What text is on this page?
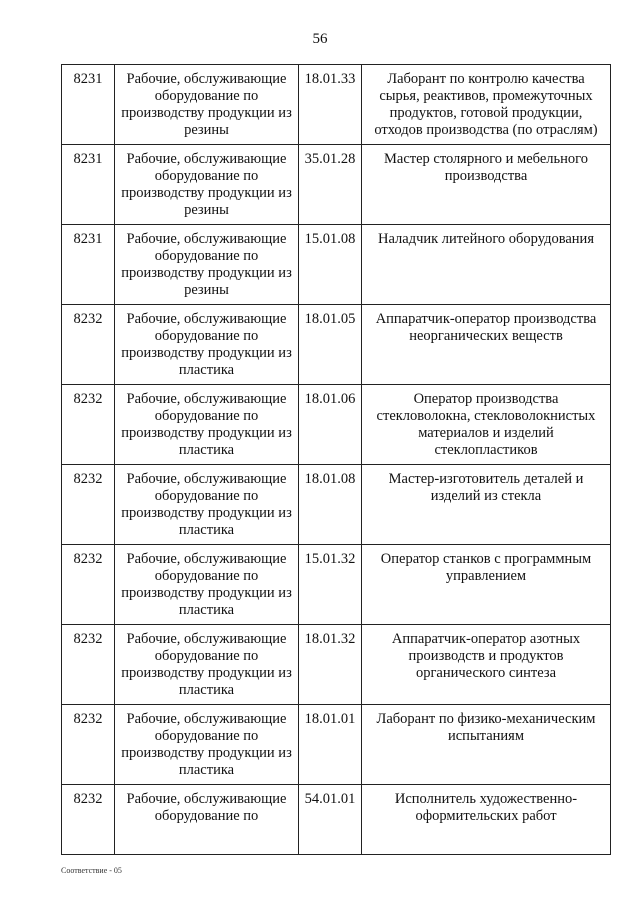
56
8231	Рабочие, обслуживающие оборудование по производству продукции из резины	18.01.33	Лаборант по контролю качества сырья, реактивов, промежуточных продуктов, готовой продукции, отходов производства (по отраслям)
8231	Рабочие, обслуживающие оборудование по производству продукции из резины	35.01.28	Мастер столярного и мебельного производства
8231	Рабочие, обслуживающие оборудование по производству продукции из резины	15.01.08	Наладчик литейного оборудования
8232	Рабочие, обслуживающие оборудование по производству продукции из пластика	18.01.05	Аппаратчик-оператор производства неорганических веществ
8232	Рабочие, обслуживающие оборудование по производству продукции из пластика	18.01.06	Оператор производства стекловолокна, стекловолокнистых материалов и изделий стеклопластиков
8232	Рабочие, обслуживающие оборудование по производству продукции из пластика	18.01.08	Мастер-изготовитель деталей и изделий из стекла
8232	Рабочие, обслуживающие оборудование по производству продукции из пластика	15.01.32	Оператор станков с программным управлением
8232	Рабочие, обслуживающие оборудование по производству продукции из пластика	18.01.32	Аппаратчик-оператор азотных производств и продуктов органического синтеза
8232	Рабочие, обслуживающие оборудование по производству продукции из пластика	18.01.01	Лаборант по физико-механическим испытаниям
8232	Рабочие, обслуживающие оборудование по	54.01.01	Исполнитель художественно-оформительских работ
Соответствие - 05
